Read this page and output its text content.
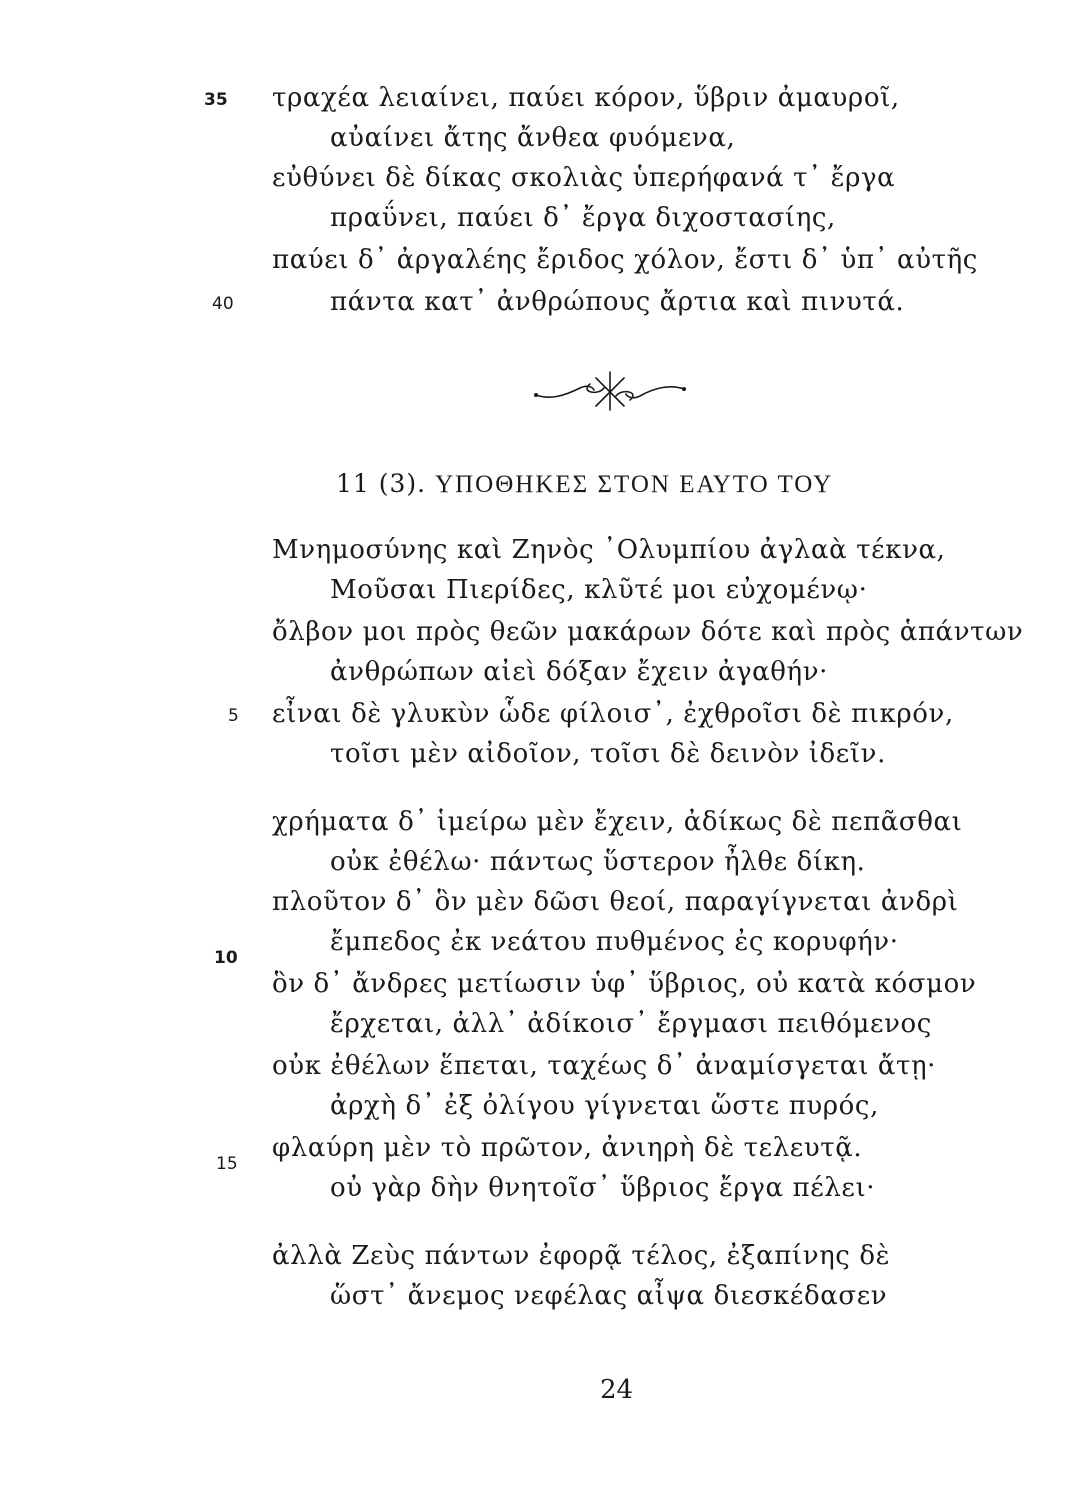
35 τραχέα λειαίνει, παύει κόρον, ὕβριν ἀμαυροῖ,
αὐαίνει ἄτης ἄνθεα φυόμενα,
εὐθύνει δὲ δίκας σκολιὰς ὑπερήφανά τ᾽ ἔργα
πραΰνει, παύει δ᾽ ἔργα διχοστασίης,
παύει δ᾽ ἀργαλέης ἔριδος χόλον, ἔστι δ᾽ ὑπ᾽ αὐτῆς
40	πάντα κατ᾽ ἀνθρώπους ἄρτια καὶ πινυτά.
11 (3). ΥΠΟΘΗΚΕΣ ΣΤΟΝ ΕΑΥΤΟ ΤΟΥ
Μνημοσύνης καὶ Ζηνὸς ᾿Ολυμπίου ἀγλαὰ τέκνα,
Μοῦσαι Πιερίδες, κλῦτέ μοι εὐχομένῳ·
ὄλβον μοι πρὸς θεῶν μακάρων δότε καὶ πρὸς ἁπάντων
ἀνθρώπων αἰεὶ δόξαν ἔχειν ἀγαθήν·
5 εἶναι δὲ γλυκὺν ὧδε φίλοισ᾽, ἐχθροῖσι δὲ πικρόν,
τοῖσι μὲν αἰδοῖον, τοῖσι δὲ δεινὸν ἰδεῖν.
χρήματα δ᾽ ἱμείρω μὲν ἔχειν, ἀδίκως δὲ πεπᾶσθαι
οὐκ ἐθέλω· πάντως ὕστερον ἦλθε δίκη.
πλοῦτον δ᾽ ὃν μὲν δῶσι θεοί, παραγίγνεται ἀνδρὶ
10
ἔμπεδος ἐκ νεάτου πυθμένος ἐς κορυφήν·
ὃν δ᾽ ἄνδρες μετίωσιν ὑφ᾽ ὕβριος, οὐ κατὰ κόσμον
ἔρχεται, ἀλλ᾽ ἀδίκοισ᾽ ἔργμασι πειθόμενος
οὐκ ἐθέλων ἕπεται, ταχέως δ᾽ ἀναμίσγεται ἄτῃ·
ἀρχὴ δ᾽ ἐξ ὀλίγου γίγνεται ὥστε πυρός,
15
φλαύρη μὲν τὸ πρῶτον, ἀνιηρὴ δὲ τελευτᾷ.
οὐ γὰρ δὴν θνητοῖσ᾽ ὕβριος ἔργα πέλει·
ἀλλὰ Ζεὺς πάντων ἐφορᾷ τέλος, ἐξαπίνης δὲ
ὥστ᾽ ἄνεμος νεφέλας αἶψα διεσκέδασεν
24
